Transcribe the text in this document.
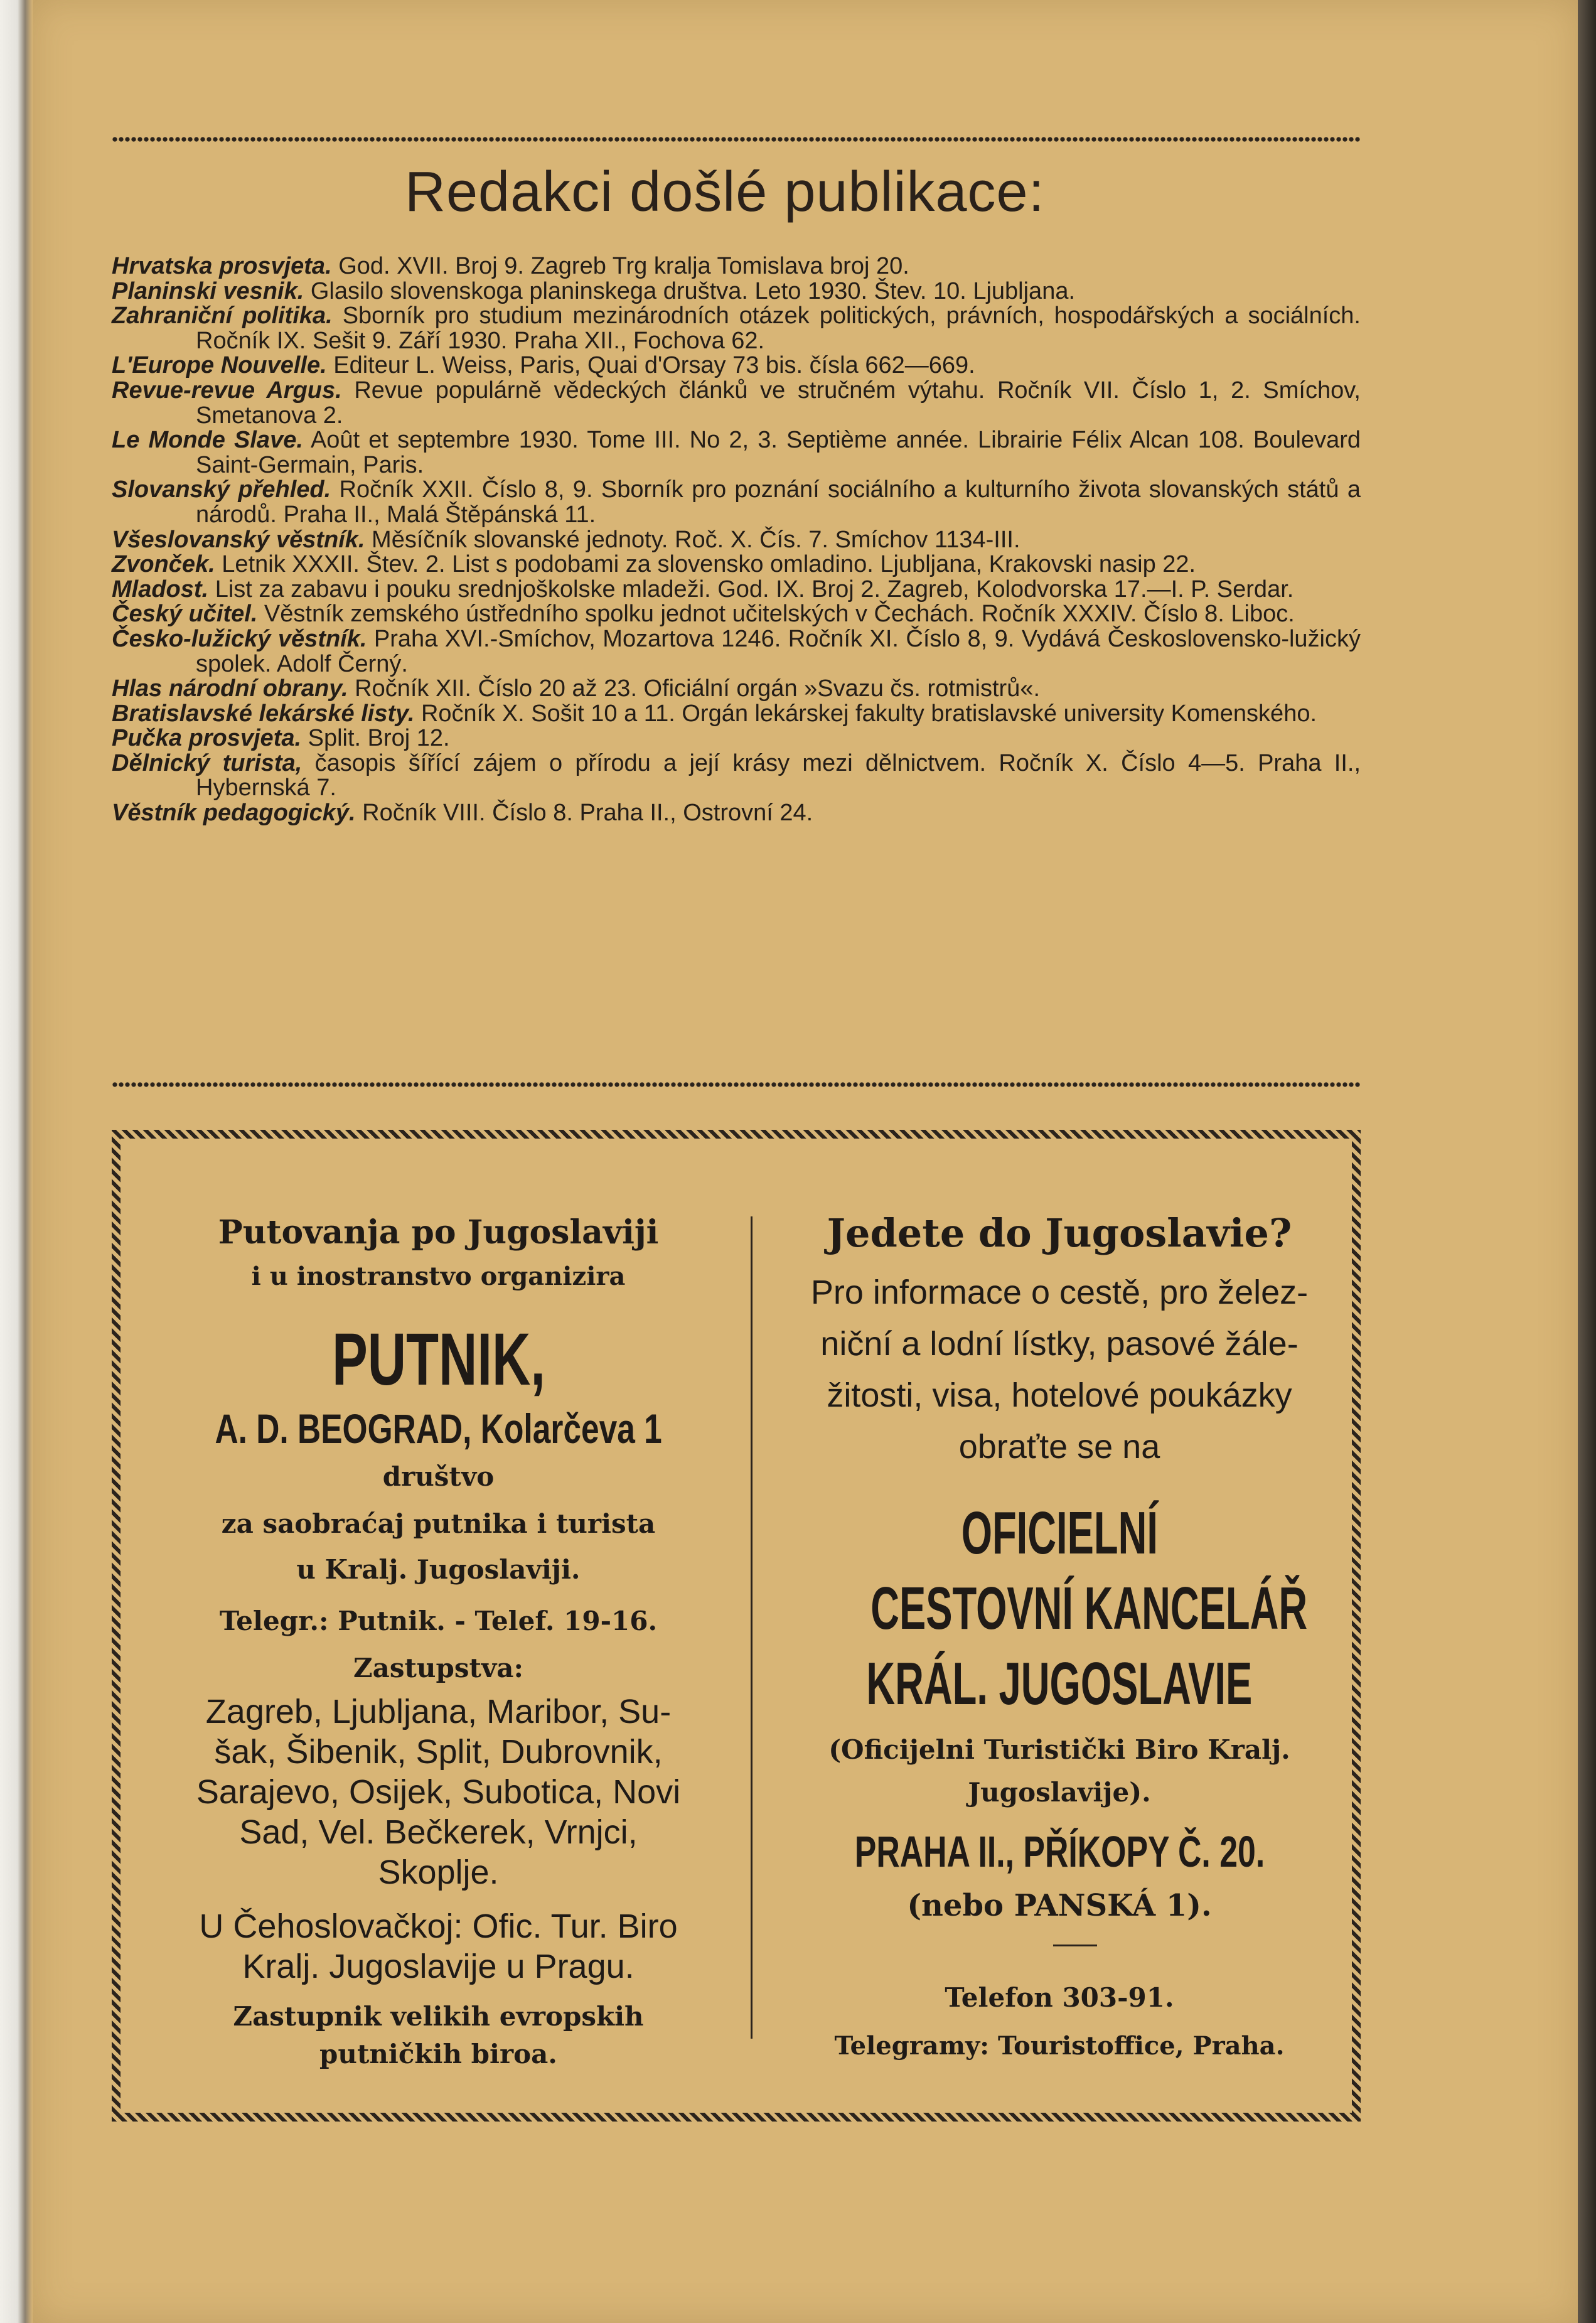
Redakci došlé publikace:

Hrvatska prosvjeta. God. XVII. Broj 9. Zagreb Trg kralja Tomislava broj 20.

Planinski vesnik. Glasilo slovenskoga planinskega društva. Leto 1930. Štev. 10. Ljubljana.

Zahraniční politika. Sborník pro studium mezinárodních otázek politických, právních, hospodářských a sociálních. Ročník IX. Sešit 9. Září 1930. Praha XII., Fochova 62.

L'Europe Nouvelle. Editeur L. Weiss, Paris, Quai d'Orsay 73 bis. čísla 662—669.

Revue-revue Argus. Revue populárně vědeckých článků ve stručném výtahu. Ročník VII. Číslo 1, 2. Smíchov, Smetanova 2.

Le Monde Slave. Août et septembre 1930. Tome III. No 2, 3. Septième année. Librairie Félix Alcan 108. Boulevard Saint-Germain, Paris.

Slovanský přehled. Ročník XXII. Číslo 8, 9. Sborník pro poznání sociálního a kulturního života slovanských států a národů. Praha II., Malá Štěpánská 11.

Všeslovanský věstník. Měsíčník slovanské jednoty. Roč. X. Čís. 7. Smíchov 1134-III.

Zvonček. Letnik XXXII. Štev. 2. List s podobami za slovensko omladino. Ljubljana, Krakovski nasip 22.

Mladost. List za zabavu i pouku srednjoškolske mladeži. God. IX. Broj 2. Zagreb, Kolodvorska 17.—I. P. Serdar.

Český učitel. Věstník zemského ústředního spolku jednot učitelských v Čechách. Ročník XXXIV. Číslo 8. Liboc.

Česko-lužický věstník. Praha XVI.-Smíchov, Mozartova 1246. Ročník XI. Číslo 8, 9. Vydává Československo-lužický spolek. Adolf Černý.

Hlas národní obrany. Ročník XII. Číslo 20 až 23. Oficiální orgán »Svazu čs. rotmistrů«.

Bratislavské lekárské listy. Ročník X. Sošit 10 a 11. Orgán lekárskej fakulty bratislavské university Komenského.

Pučka prosvjeta. Split. Broj 12.

Dělnický turista, časopis šířící zájem o přírodu a její krásy mezi dělnictvem. Ročník X. Číslo 4—5. Praha II., Hybernská 7.

Věstník pedagogický. Ročník VIII. Číslo 8. Praha II., Ostrovní 24.

Putovanja po Jugoslaviji
i u inostranstvo organizira
PUTNIK,
A. D. BEOGRAD, Kolarčeva 1
društvo
za saobraćaj putnika i turista
u Kralj. Jugoslaviji.
Telegr.: Putnik. - Telef. 19-16.
Zastupstva:
Zagreb, Ljubljana, Maribor, Su-
šak, Šibenik, Split, Dubrovnik,
Sarajevo, Osijek, Subotica, Novi
Sad, Vel. Bečkerek, Vrnjci,
Skoplje.
U Čehoslovačkoj: Ofic. Tur. Biro
Kralj. Jugoslavije u Pragu.
Zastupnik velikih evropskih
putničkih biroa.
Jedete do Jugoslavie?
Pro informace o cestě, pro želez-
niční a lodní lístky, pasové žále-
žitosti, visa, hotelové poukázky
obraťte se na
OFICIELNÍ
CESTOVNÍ KANCELÁŘ
KRÁL. JUGOSLAVIE
(Oficijelni Turistički Biro Kralj.
Jugoslavije).
PRAHA II., PŘÍKOPY Č. 20.
(nebo PANSKÁ 1).
Telefon 303-91.
Telegramy: Touristoffice, Praha.
